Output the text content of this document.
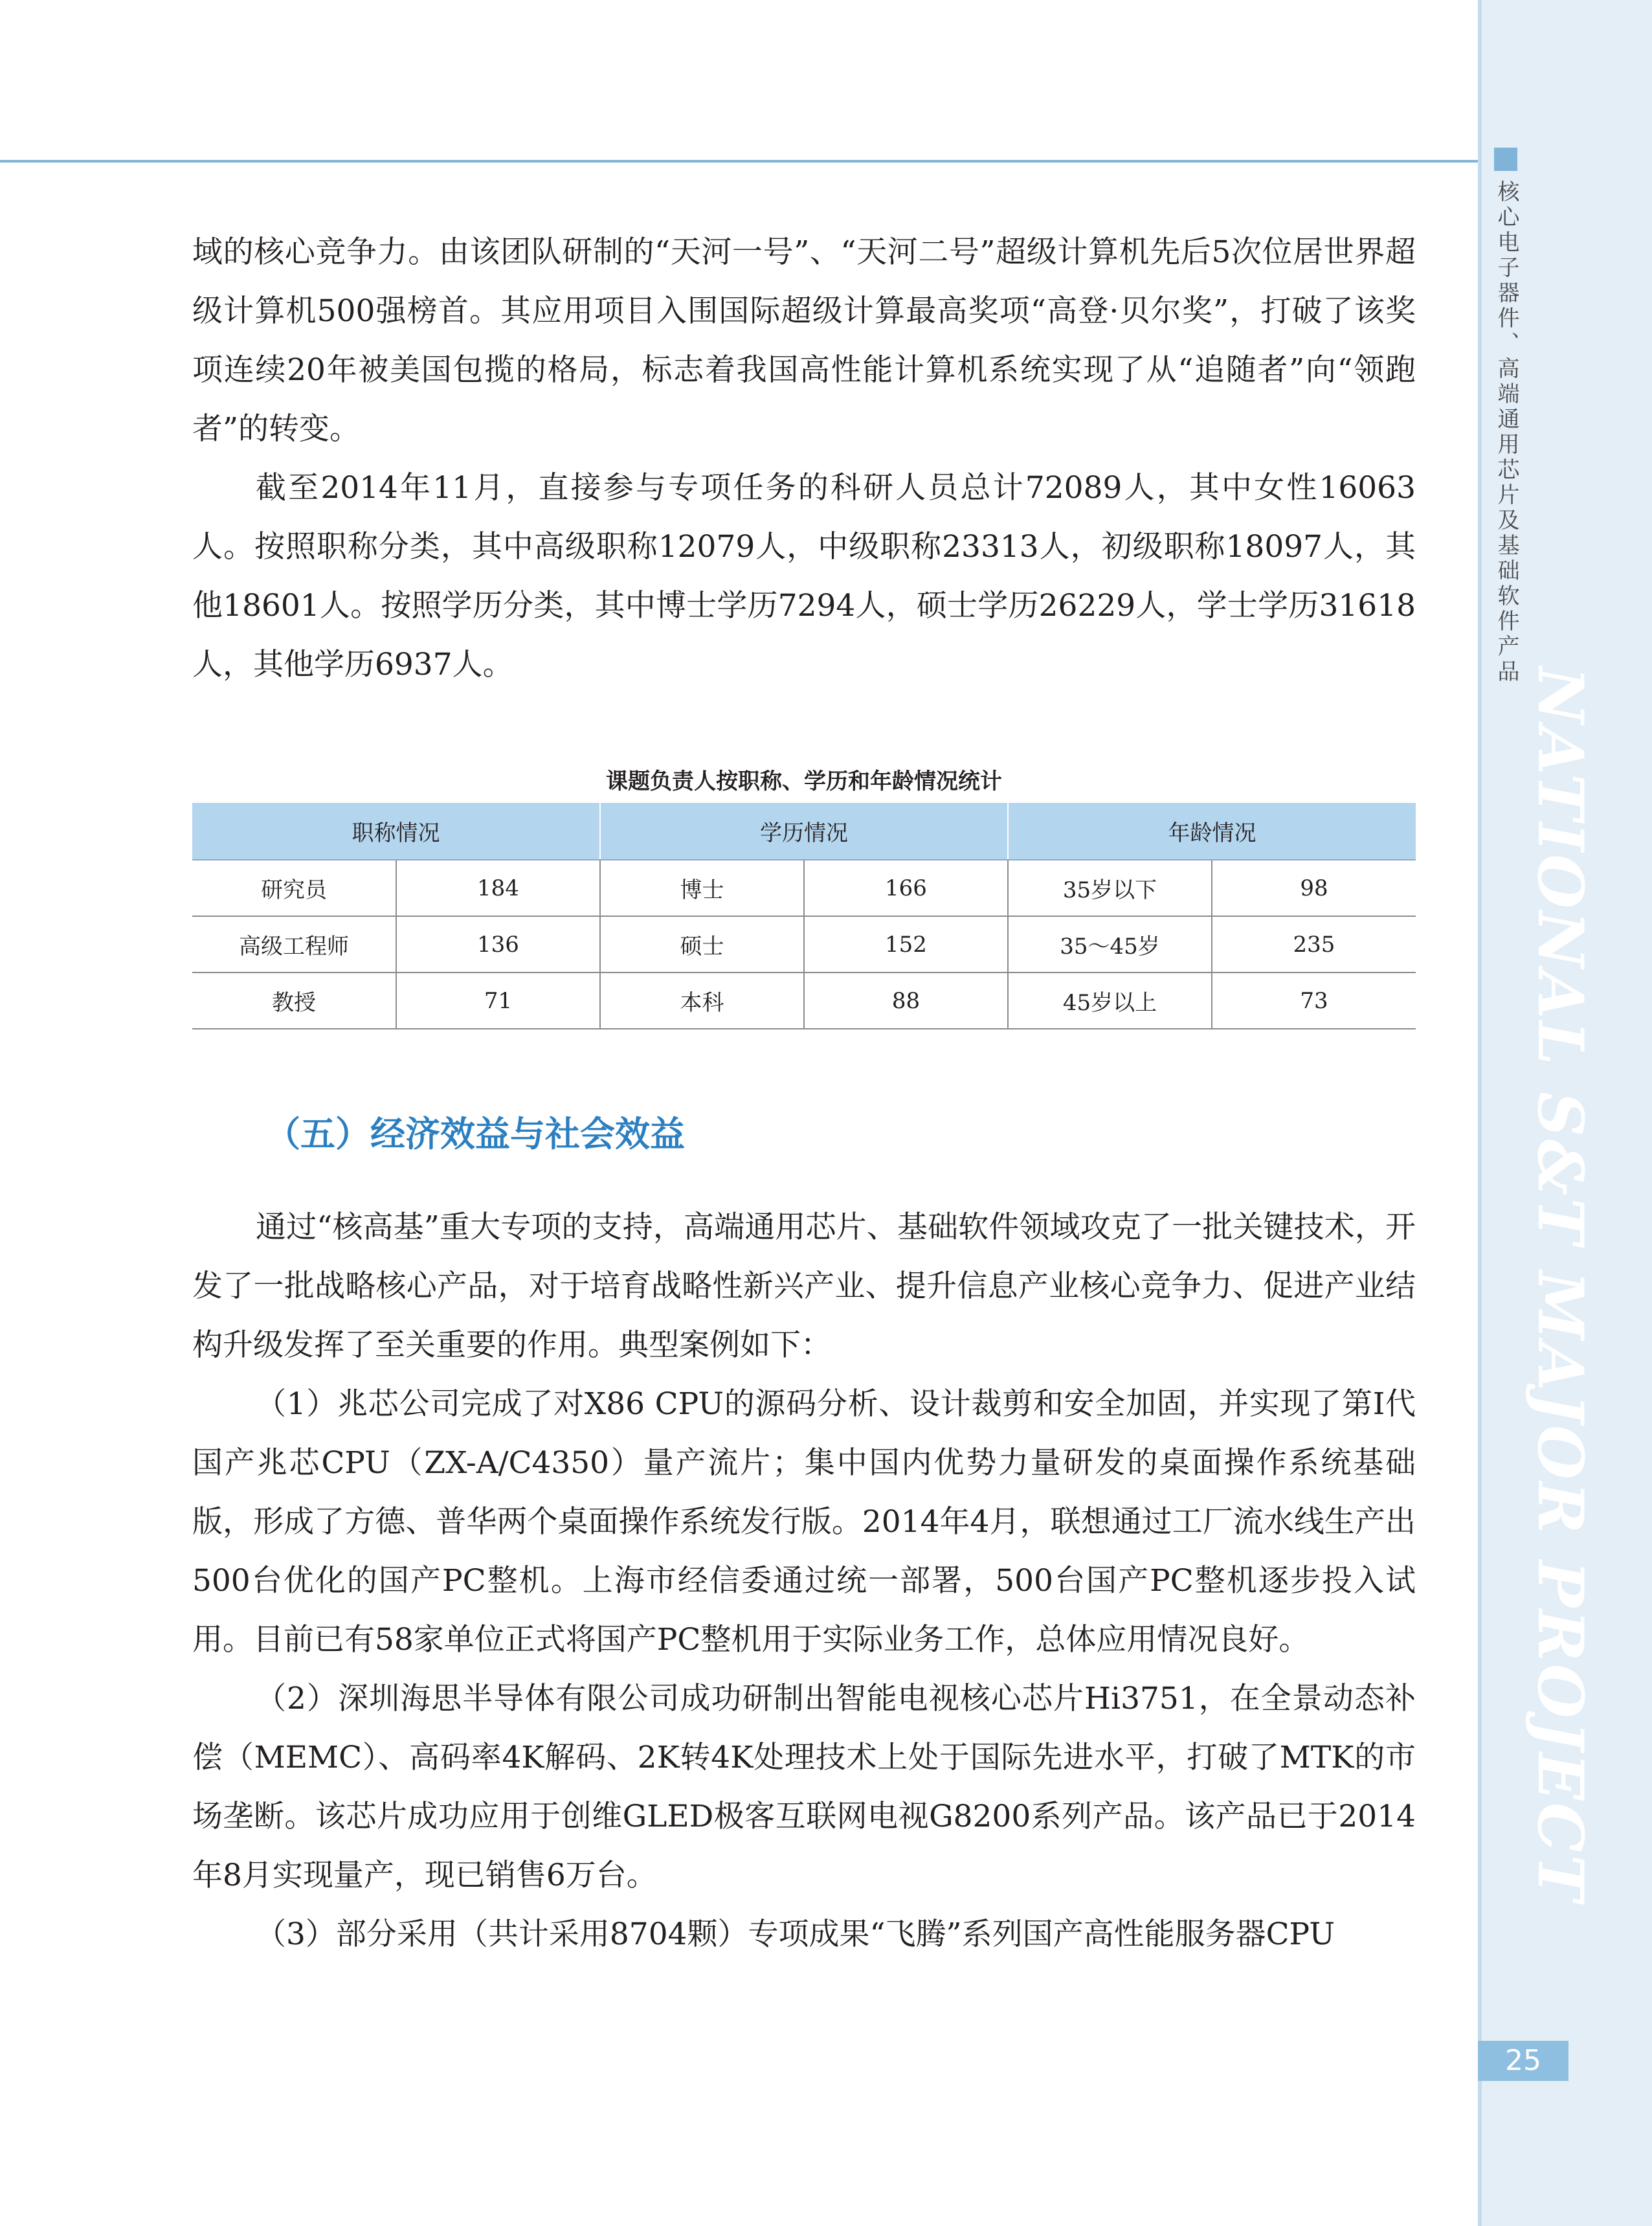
核心电子器件、高端通用芯片及基础软件产品
NATIONAL S&T MAJOR PROJECT
25

域的核心竞争力。由该团队研制的“天河一号”、“天河二号”超级计算机先后5次位居世界超级计算机500强榜首。其应用项目入围国际超级计算最高奖项“高登·贝尔奖”，打破了该奖项连续20年被美国包揽的格局，标志着我国高性能计算机系统实现了从“追随者”向“领跑者”的转变。

截至2014年11月，直接参与专项任务的科研人员总计72089人，其中女性16063人。按照职称分类，其中高级职称12079人，中级职称23313人，初级职称18097人，其他18601人。按照学历分类，其中博士学历7294人，硕士学历26229人，学士学历31618人，其他学历6937人。

课题负责人按职称、学历和年龄情况统计
职称情况		学历情况		年龄情况	
研究员	184	博士	166	35岁以下	98
高级工程师	136	硕士	152	35～45岁	235
教授	71	本科	88	45岁以上	73
（五）经济效益与社会效益

通过“核高基”重大专项的支持，高端通用芯片、基础软件领域攻克了一批关键技术，开发了一批战略核心产品，对于培育战略性新兴产业、提升信息产业核心竞争力、促进产业结构升级发挥了至关重要的作用。典型案例如下：

（1）兆芯公司完成了对X86 CPU的源码分析、设计裁剪和安全加固，并实现了第I代国产兆芯CPU（ZX-A/C4350）量产流片；集中国内优势力量研发的桌面操作系统基础版，形成了方德、普华两个桌面操作系统发行版。2014年4月，联想通过工厂流水线生产出500台优化的国产PC整机。上海市经信委通过统一部署，500台国产PC整机逐步投入试用。目前已有58家单位正式将国产PC整机用于实际业务工作，总体应用情况良好。

（2）深圳海思半导体有限公司成功研制出智能电视核心芯片Hi3751，在全景动态补偿（MEMC）、高码率4K解码、2K转4K处理技术上处于国际先进水平，打破了MTK的市场垄断。该芯片成功应用于创维GLED极客互联网电视G8200系列产品。该产品已于2014年8月实现量产，现已销售6万台。

（3）部分采用（共计采用8704颗）专项成果“飞腾”系列国产高性能服务器CPU
